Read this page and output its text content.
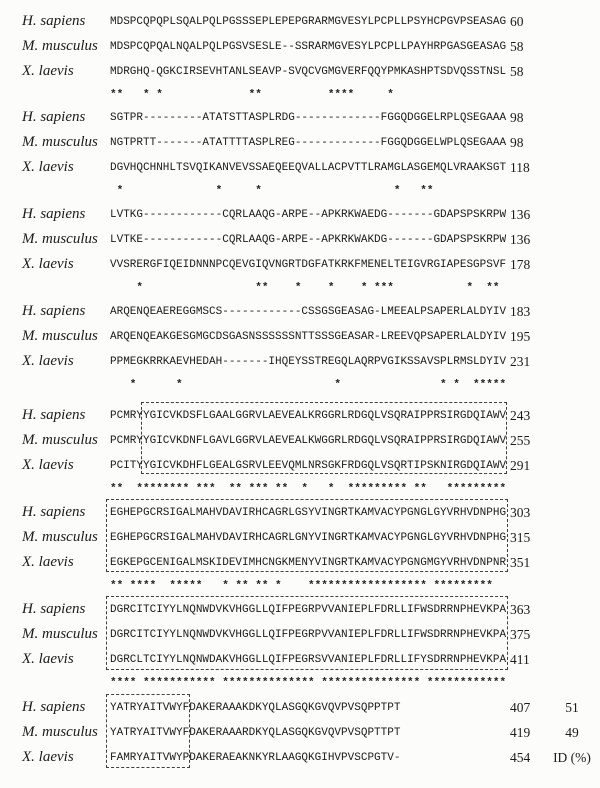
H. sapiens MDSPCQPQPLSQALPQLPGSSSEPLEPEPGRARMGVESYLPCPLLPSYHCPGVPSEASAG 60
M. musculus MDSPCQPQALNQALPQLPGSVSESLE--SSRARMGVESYLPCPLLPAYHRPGASGEASAG 58
X. laevis	MDRGHQ-QGKCIRSEVHTANLSEAVP-SVQCVGMGVERFQQYPMKASHPTSDVQSSTNSL 58
**   * *             **          ****     *
H. sapiens SGTPR---------ATATSTTASPLRDG-------------FGGQDGGELRPLQSEGAAA 98
M. musculus NGTPRTT-------ATATTTTASPLREG-------------FGGQDGGELWPLQSEGAAA 98
X. laevis	DGVHQCHNHLTSVQIKANVEVSSAEQEEQVALLACPVTTLRAMGLASGEMQLVRAAKSGT 118
*              *     *                    *   **
H. sapiens LVTKG------------CQRLAAQG-ARPE--APKRKWAEDG-------GDAPSPSKRPW 136
M. musculus LVTKE------------CQRLAAQG-ARPE--APKRKWAKDG-------GDAPSPSKRPW 136
X. laevis	VVSRERGFIQEIDNNNPCQEVGIQVNGRTDGFATKRKFMENELTEIGVRGIAPESGPSVF 178
*                 **    *    *    * ***           *  **
H. sapiens ARQENQEAEREGGMSCS------------CSSGSGEASAG-LMEEALPSAPERLALDYIV 183
M. musculus ARQENQEAKGESGMGCDSGASNSSSSSSNTTSSSGEASAR-LREEVQPSAPERLALDYIV 195
X. laevis	PPMEGKRRKAEVHEDAH-------IHQEYSSTREGQLAQRPVGIKSSAVSPLRMSLDYIV 231
*      *                       *               * *  *****
H. sapiens PCMRYYGICVKDSFLGAALGGRVLAEVEALKRGGRLRDGQLVSQRAIPPRSIRGDQIAWV 243
M. musculus PCMRYYGICVKDNFLGAVLGGRVLAEVEALKWGGRLRDGQLVSQRAIPPRSIRGDQIAWV 255
X. laevis	PCITYYGICVKDHFLGEALGSRVLEEVQMLNRSGKFRDGQLVSQRTIPSKNIRGDQIAWV 291
**  ******** ***  ** *** **  *   *  ********* **   *********
H. sapiens EGHEPGCRSIGALMAHVDAVIRHCAGRLGSYVINGRTKAMVACYPGNGLGYVRHVDNPHG 303
M. musculus EGHEPGCRSIGALMAHVDAVIRHCAGRLGNYVINGRTKAMVACYPGNGLGYVRHVDNPHG 315
X. laevis	EGKEPGCENIGALMSKIDEVIMHCNGKMENYVINGRTKAMVACYPGNGMGYVRHVDNPNR 351
** ****  *****   * ** ** *    ****************** *********
H. sapiens DGRCITCIYYLNQNWDVKVHGGLLQIFPEGRPVVANIEPLFDRLLIFWSDRRNPHEVKPA 363
M. musculus DGRCITCIYYLNQNWDVKVHGGLLQIFPEGRPVVANIEPLFDRLLIFWSDRRNPHEVKPA 375
X. laevis	DGRCLTCIYYLNQNWDAKVHGGLLQIFPEGRSVVANIEPLFDRLLIFYSDRRNPHEVKPA 411
**** *********** ************** *************** ************
H. sapiens YATRYAITVWYFDAKERAAAKDKYQLASGQKGVQVPVSQPPTPT	407	51
M. musculus YATRYAITVWYFDAKERAAARDKYQLASGQKGVQVPVSQPTTPT	419	49
X. laevis	FAMRYAITVWYPDAKERAEAKNKYRLAAGQKGIHVPVSCPGTV-	454	ID (%)
